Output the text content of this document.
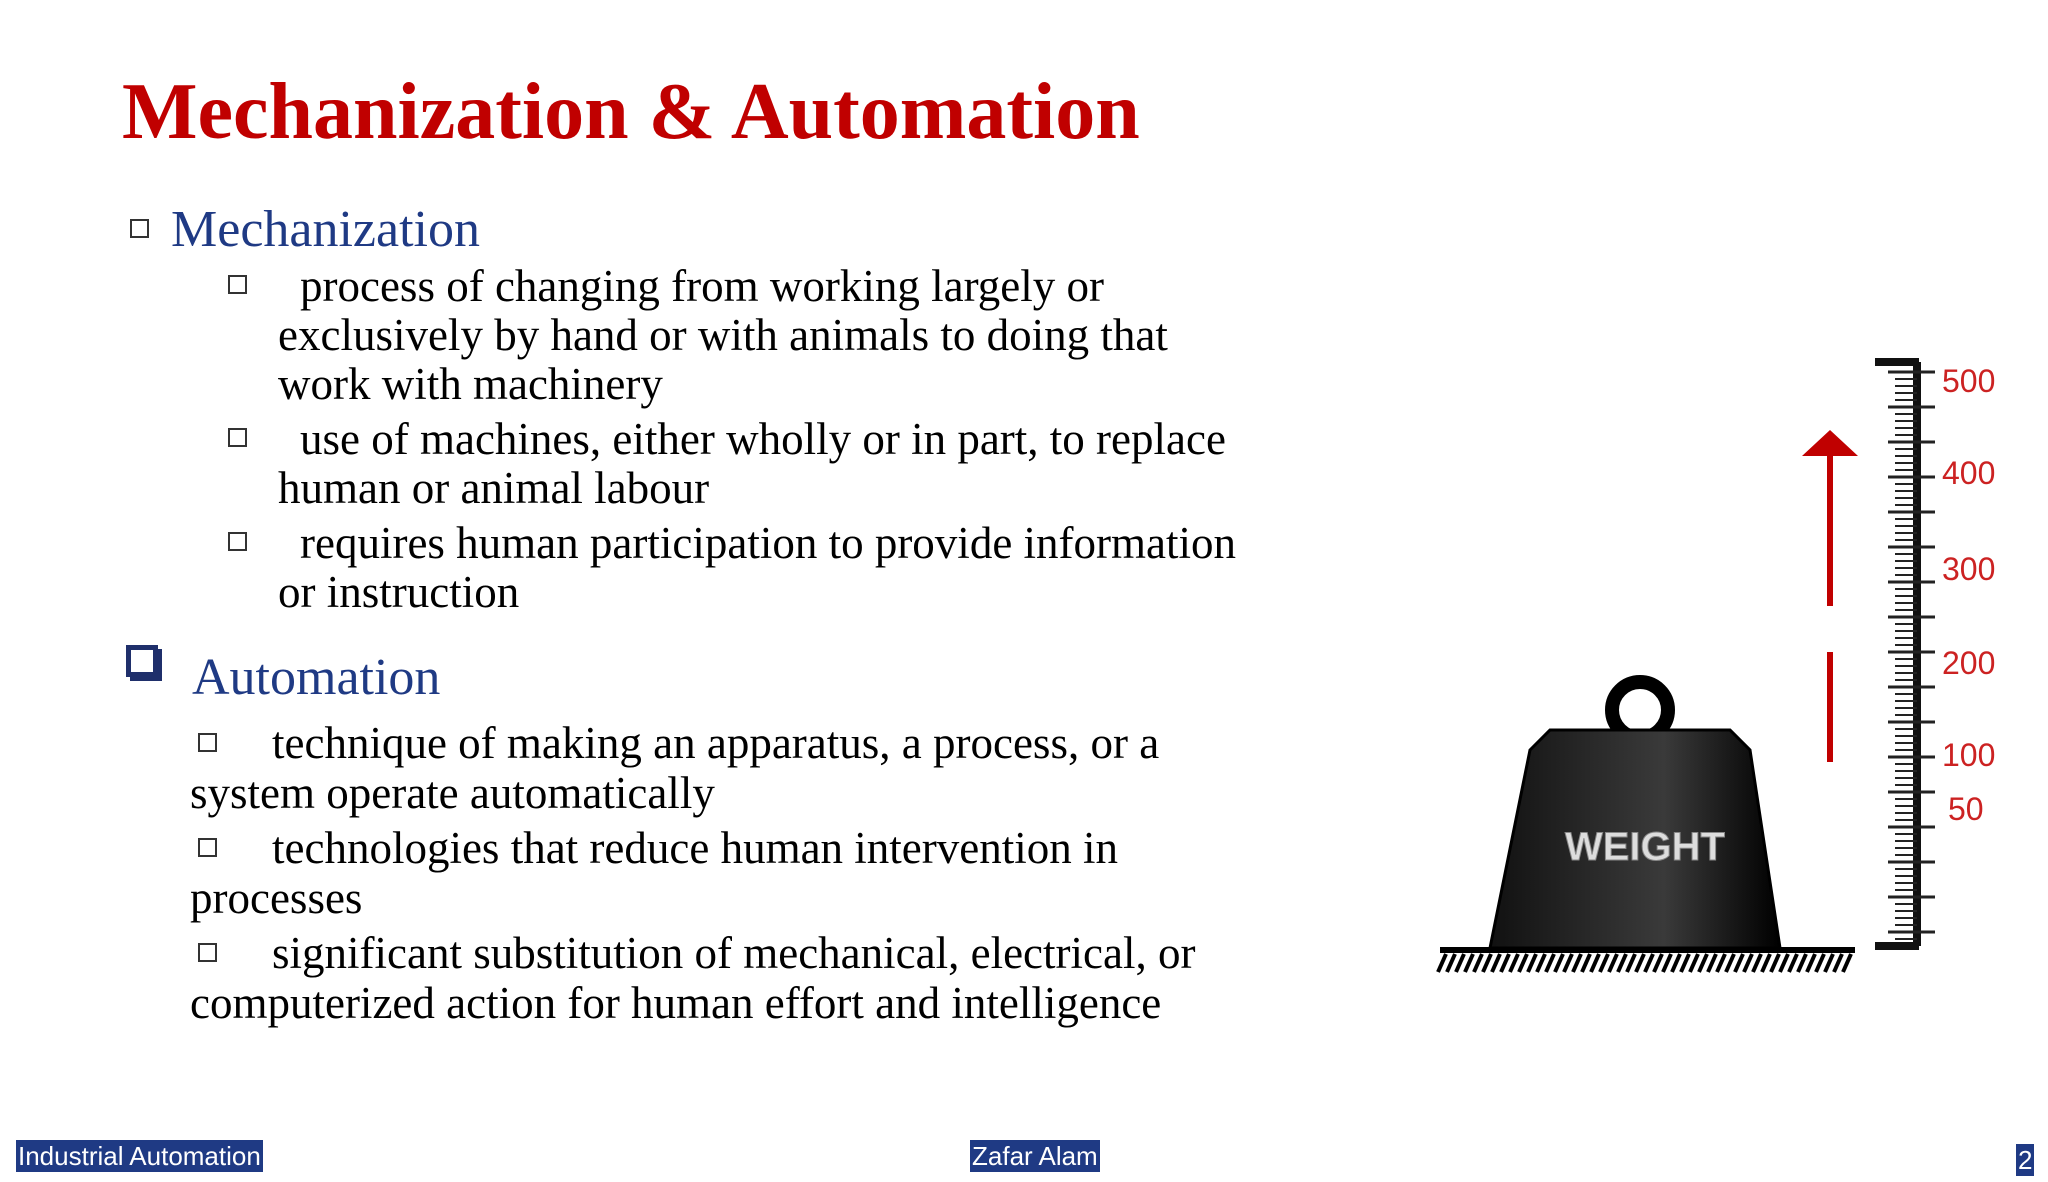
Mechanization & Automation
Mechanization
process of changing from working largely or
exclusively by hand or with animals to doing that
work with machinery
use of machines, either wholly or in part, to replace
human or animal labour
requires human participation to provide information
or instruction
Automation
technique of making an apparatus, a process, or a
system operate automatically
technologies that reduce human intervention in
processes
significant substitution of mechanical, electrical, or
computerized action for human effort and intelligence
WEIGHT
500
400
300
200
100
50
Industrial Automation	Zafar Alam	2
